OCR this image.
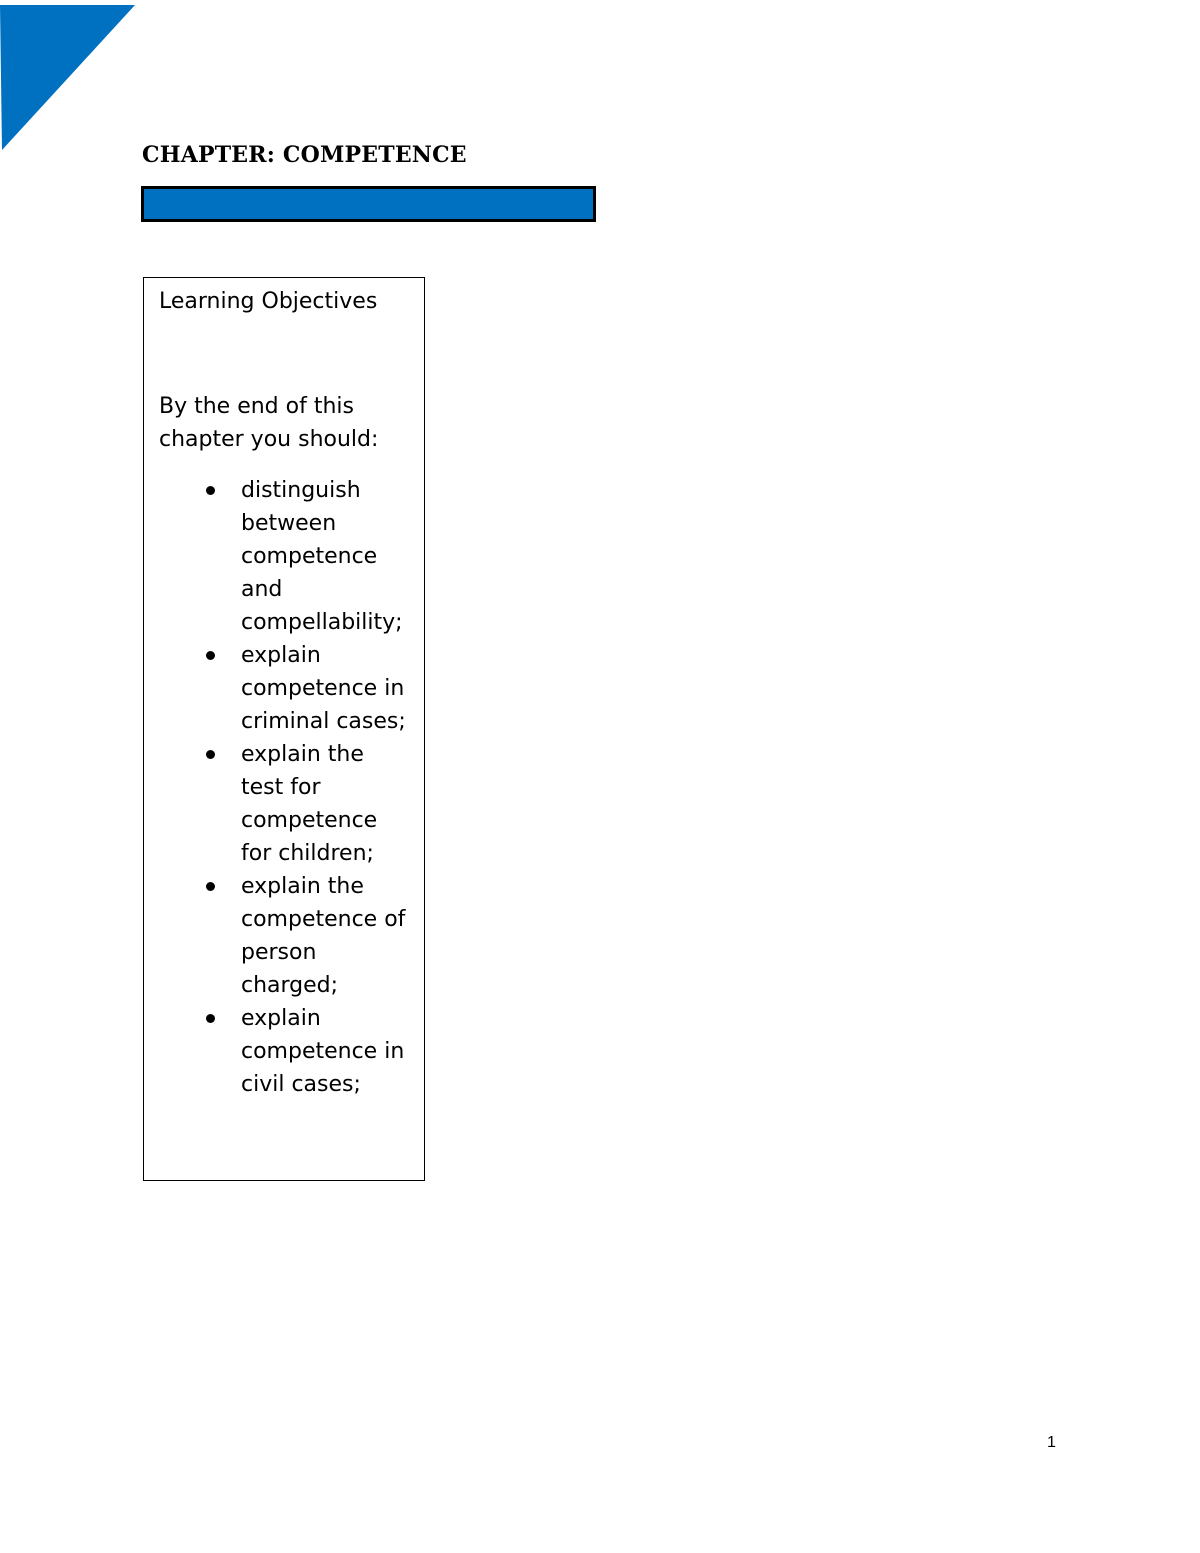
CHAPTER: COMPETENCE
Learning Objectives
By the end of this chapter you should:
distinguish between competence and compellability;
explain competence in criminal cases;
explain the test for competence for children;
explain the competence of person charged;
explain competence in civil cases;
1
